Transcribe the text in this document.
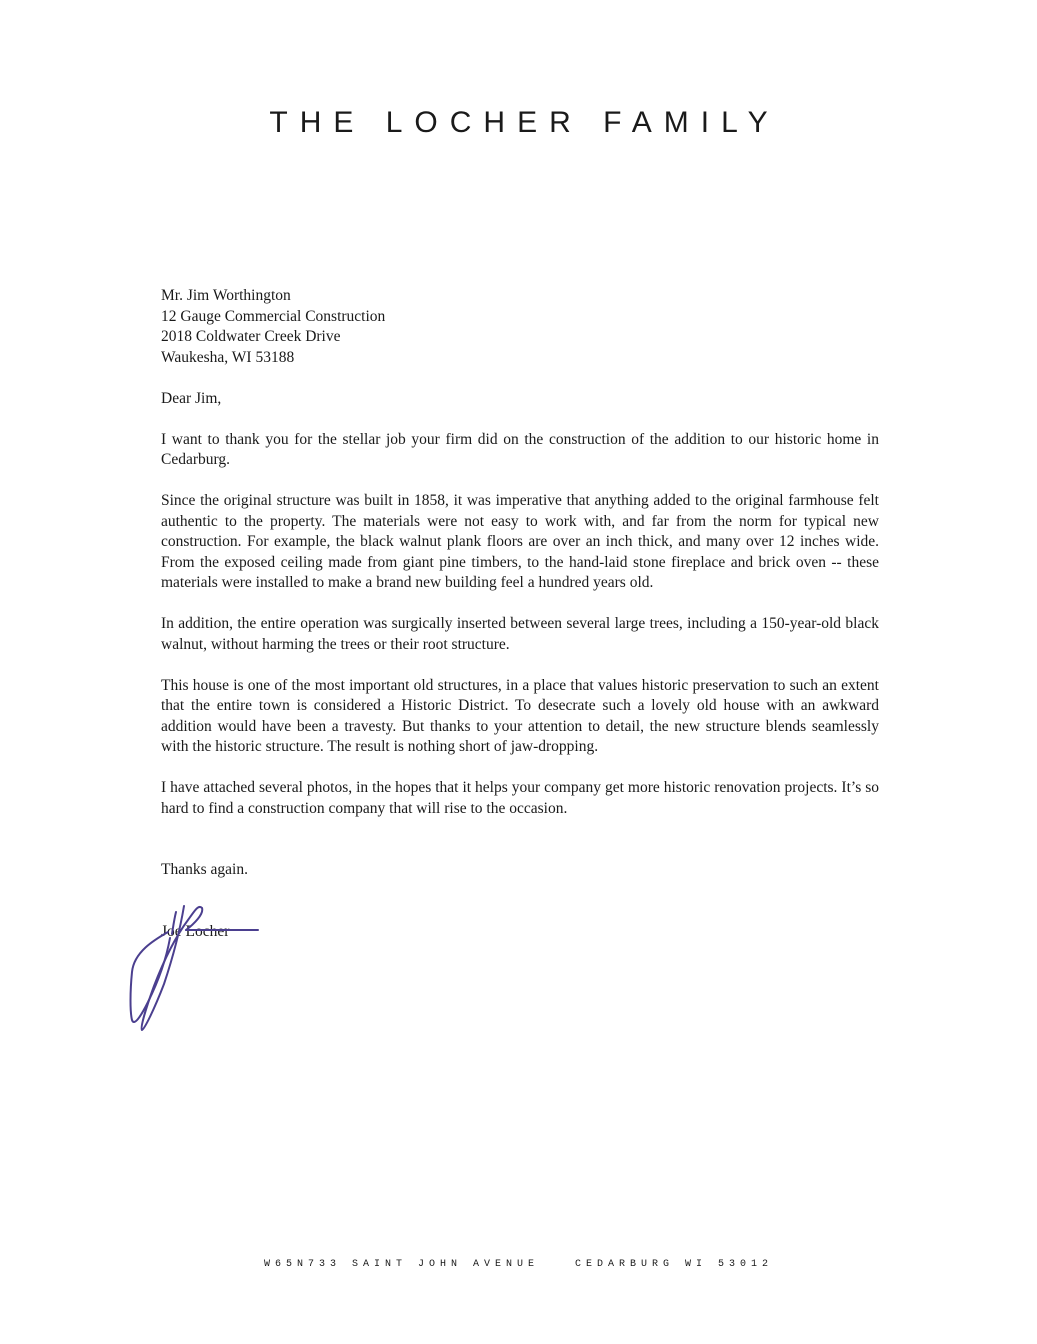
THE LOCHER FAMILY
Mr. Jim Worthington
12 Gauge Commercial Construction
2018 Coldwater Creek Drive
Waukesha, WI 53188

Dear Jim,

I want to thank you for the stellar job your firm did on the construction of the addition to our historic home in Cedarburg.

Since the original structure was built in 1858, it was imperative that anything added to the original farmhouse felt authentic to the property. The materials were not easy to work with, and far from the norm for typical new construction. For example, the black walnut plank floors are over an inch thick, and many over 12 inches wide. From the exposed ceiling made from giant pine timbers, to the hand-laid stone fireplace and brick oven -- these materials were installed to make a brand new building feel a hundred years old.

In addition, the entire operation was surgically inserted between several large trees, including a 150-year-old black walnut, without harming the trees or their root structure.

This house is one of the most important old structures, in a place that values historic preservation to such an extent that the entire town is considered a Historic District. To desecrate such a lovely old house with an awkward addition would have been a travesty. But thanks to your attention to detail, the new structure blends seamlessly with the historic structure. The result is nothing short of jaw-dropping.

I have attached several photos, in the hopes that it helps your company get more historic renovation projects. It’s so hard to find a construction company that will rise to the occasion.

Thanks again.
Joe Locher
W65N733 SAINT JOHN AVENUE	CEDARBURG WI 53012
